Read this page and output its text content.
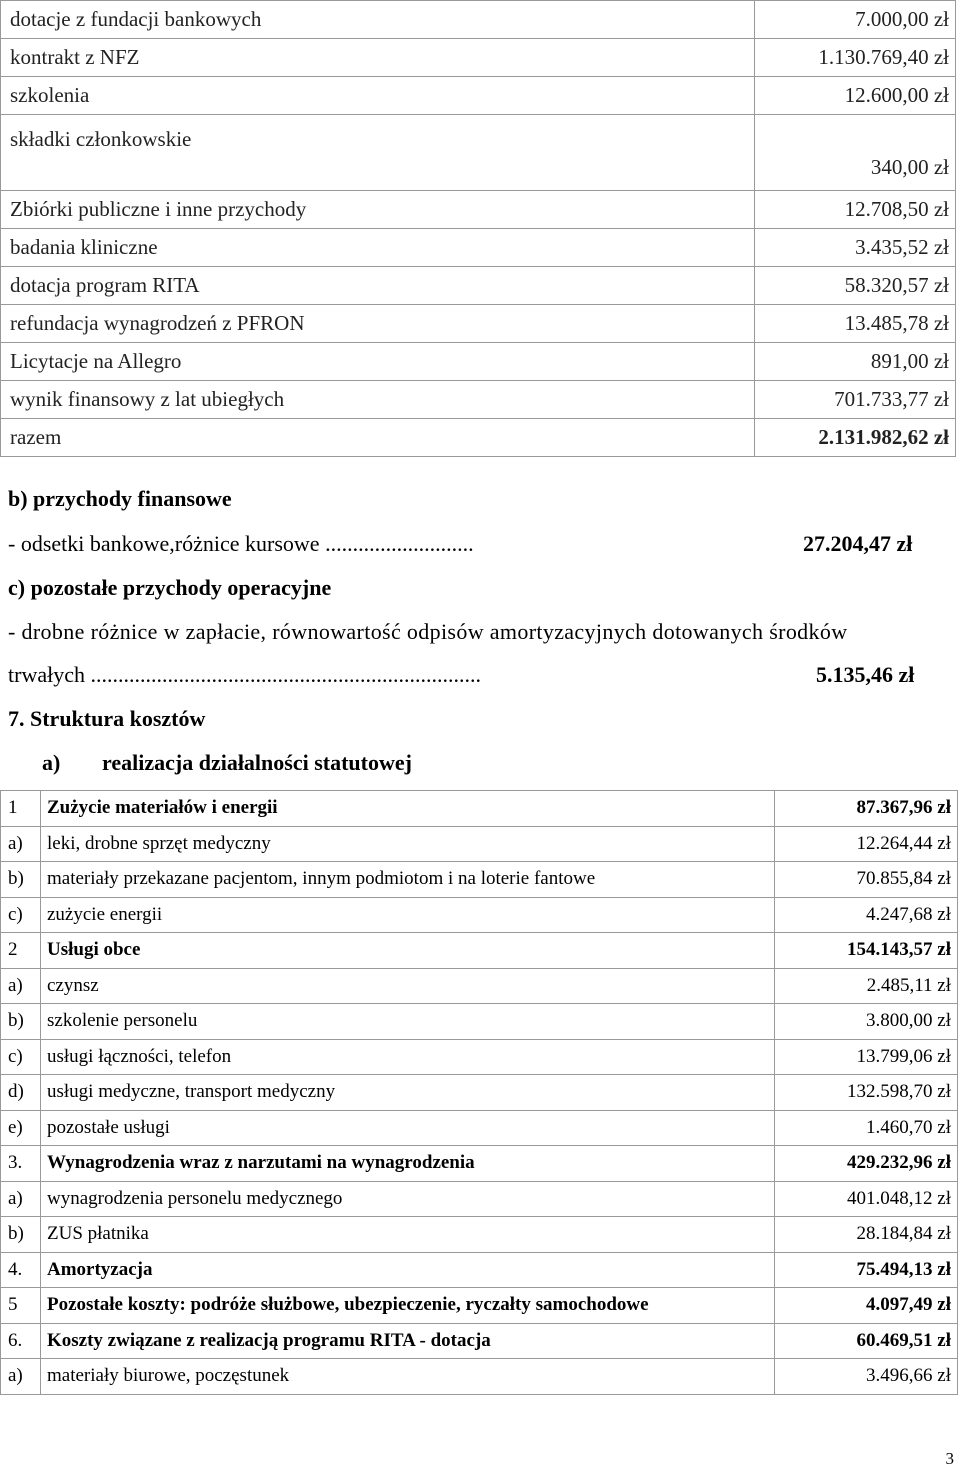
dotacje z fundacji bankowych	7.000,00 zł
kontrakt z NFZ	1.130.769,40 zł
szkolenia	12.600,00 zł
składki członkowskie	340,00 zł
Zbiórki publiczne i inne przychody	12.708,50 zł
badania kliniczne	3.435,52 zł
dotacja program RITA	58.320,57 zł
refundacja wynagrodzeń z PFRON	13.485,78 zł
Licytacje na Allegro	891,00 zł
wynik finansowy z lat ubiegłych	701.733,77 zł
razem	2.131.982,62 zł
b) przychody finansowe
- odsetki bankowe,różnice kursowe ...........................	27.204,47 zł
c) pozostałe przychody operacyjne
- drobne różnice w zapłacie, równowartość odpisów amortyzacyjnych dotowanych środków
trwałych .......................................................................	5.135,46 zł
7. Struktura kosztów
a) realizacja działalności statutowej
1	Zużycie materiałów i energii	87.367,96 zł
a)	leki, drobne sprzęt medyczny	12.264,44 zł
b)	materiały przekazane pacjentom, innym podmiotom i na loterie fantowe	70.855,84 zł
c)	zużycie energii	4.247,68 zł
2	Usługi obce	154.143,57 zł
a)	czynsz	2.485,11 zł
b)	szkolenie personelu	3.800,00 zł
c)	usługi łączności, telefon	13.799,06 zł
d)	usługi medyczne, transport medyczny	132.598,70 zł
e)	pozostałe usługi	1.460,70 zł
3.	Wynagrodzenia wraz z narzutami na wynagrodzenia	429.232,96 zł
a)	wynagrodzenia personelu medycznego	401.048,12 zł
b)	ZUS płatnika	28.184,84 zł
4.	Amortyzacja	75.494,13 zł
5	Pozostałe koszty: podróże służbowe, ubezpieczenie, ryczałty samochodowe	4.097,49 zł
6.	Koszty związane z realizacją programu RITA - dotacja	60.469,51 zł
a)	materiały biurowe, poczęstunek	3.496,66 zł
3
